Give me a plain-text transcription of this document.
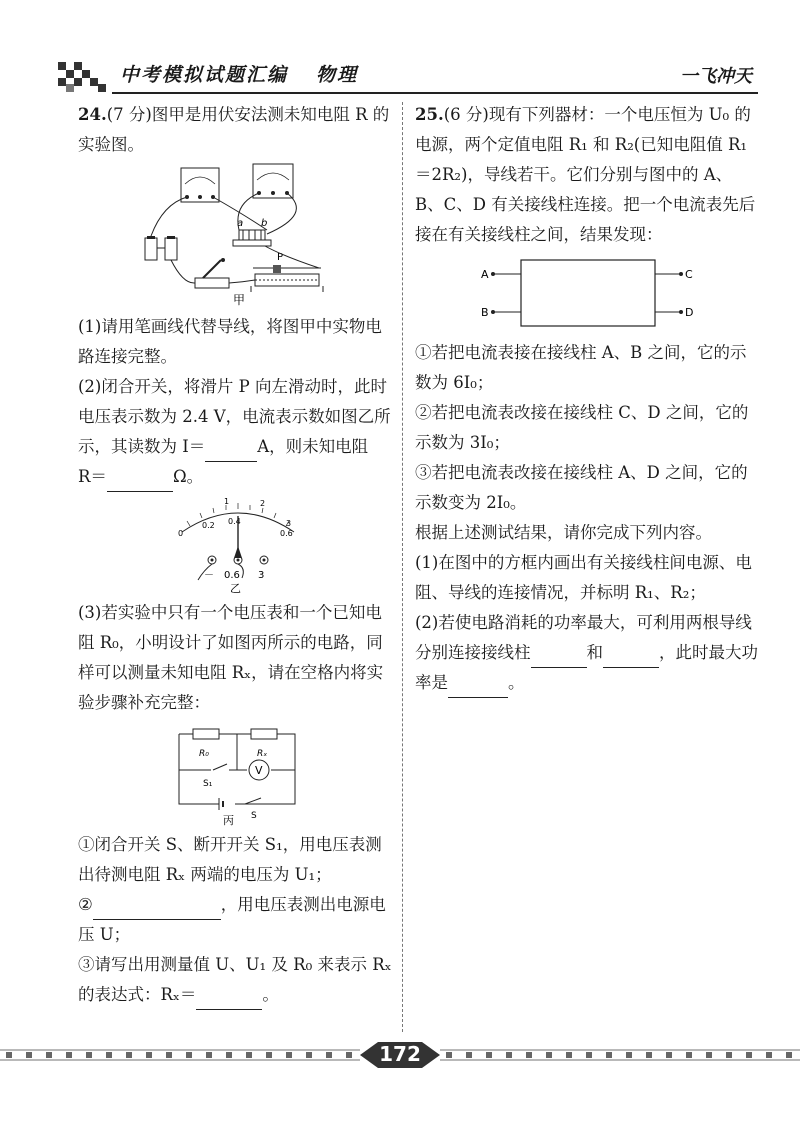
中考模拟试题汇编 物理	一飞冲天

24.(7 分)图甲是用伏安法测未知电阻 R 的实验图。

a b
P
甲

(1)请用笔画线代替导线，将图甲中实物电路连接完整。

(2)闭合开关，将滑片 P 向左滑动时，此时电压表示数为 2.4 V，电流表示数如图乙所示，其读数为 I＝	A，则未知电阻
R＝	Ω。

1	2
0
0.2 0.4
0.6
3
－ 0.6 3
乙

(3)若实验中只有一个电压表和一个已知电阻 R₀，小明设计了如图丙所示的电路，同样可以测量未知电阻 Rₓ，请在空格内将实验步骤补充完整：

V
R₀	Rₓ
S₁
S
丙

①闭合开关 S、断开开关 S₁，用电压表测出待测电阻 Rₓ 两端的电压为 U₁；

②	，用电压表测出电源电压 U；

③请写出用测量值 U、U₁ 及 R₀ 来表示 Rₓ 的表达式：Rₓ＝	。

25.(6 分)现有下列器材：一个电压恒为 U₀ 的电源，两个定值电阻 R₁ 和 R₂(已知电阻值 R₁＝2R₂)，导线若干。它们分别与图中的 A、B、C、D 有关接线柱连接。把一个电流表先后接在有关接线柱之间，结果发现：

A
B
C
D

①若把电流表接在接线柱 A、B 之间，它的示数为 6I₀；

②若把电流表改接在接线柱 C、D 之间，它的示数为 3I₀；

③若把电流表改接在接线柱 A、D 之间，它的示数变为 2I₀。

根据上述测试结果，请你完成下列内容。

(1)在图中的方框内画出有关接线柱间电源、电阻、导线的连接情况，并标明 R₁、R₂；

(2)若使电路消耗的功率最大，可利用两根导线分别连接接线柱	和	，此时最大功率是	。

172
